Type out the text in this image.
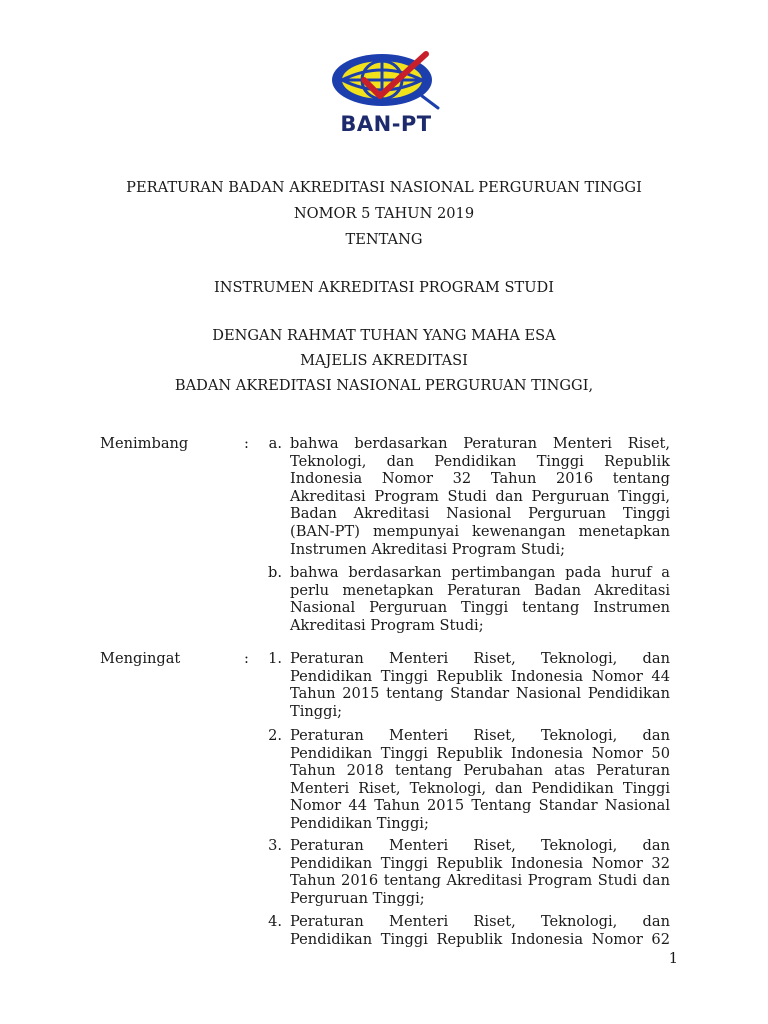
BAN-PT
PERATURAN BADAN AKREDITASI NASIONAL PERGURUAN TINGGI
NOMOR 5 TAHUN 2019
TENTANG
INSTRUMEN AKREDITASI PROGRAM STUDI
DENGAN RAHMAT TUHAN YANG MAHA ESA
MAJELIS AKREDITASI
BADAN AKREDITASI NASIONAL PERGURUAN TINGGI,
Menimbang	:	a. bahwa berdasarkan Peraturan Menteri Riset, Teknologi, dan Pendidikan Tinggi Republik Indonesia Nomor 32 Tahun 2016 tentang Akreditasi Program Studi dan Perguruan Tinggi, Badan Akreditasi Nasional Perguruan Tinggi (BAN-PT) mempunyai kewenangan menetapkan Instrumen Akreditasi Program Studi;
b. bahwa berdasarkan pertimbangan pada huruf a perlu menetapkan Peraturan Badan Akreditasi Nasional Perguruan Tinggi tentang Instrumen Akreditasi Program Studi;
Mengingat	:	1. Peraturan Menteri Riset, Teknologi, dan Pendidikan Tinggi Republik Indonesia Nomor 44 Tahun 2015 tentang Standar Nasional Pendidikan Tinggi;
2. Peraturan Menteri Riset, Teknologi, dan Pendidikan Tinggi Republik Indonesia Nomor 50 Tahun 2018 tentang Perubahan atas Peraturan Menteri Riset, Teknologi, dan Pendidikan Tinggi Nomor 44 Tahun 2015 Tentang Standar Nasional Pendidikan Tinggi;
3. Peraturan Menteri Riset, Teknologi, dan Pendidikan Tinggi Republik Indonesia Nomor 32 Tahun 2016 tentang Akreditasi Program Studi dan Perguruan Tinggi;
4. Peraturan Menteri Riset, Teknologi, dan Pendidikan Tinggi Republik Indonesia Nomor 62
1
